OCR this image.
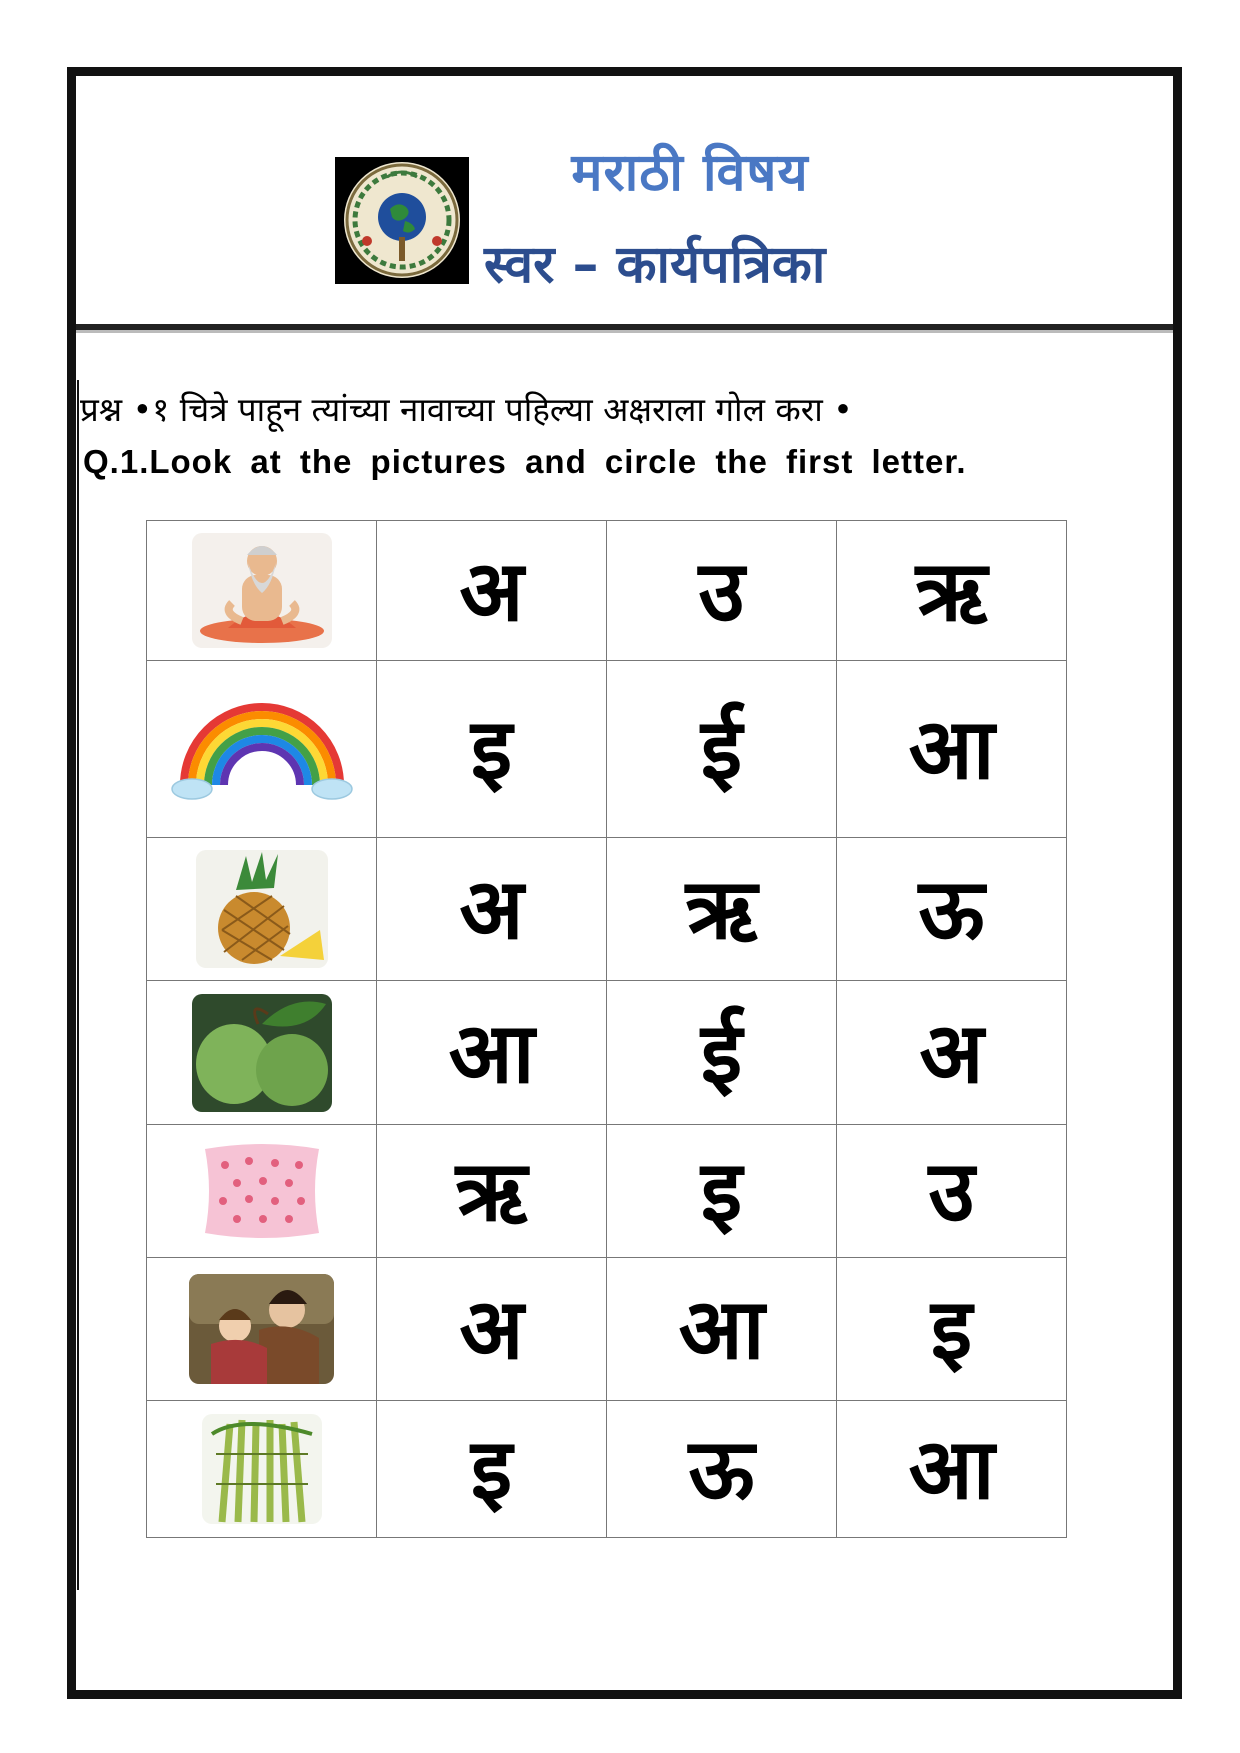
मराठी विषय
स्वर – कार्यपत्रिका
प्रश्न •१ चित्रे पाहून त्यांच्या नावाच्या पहिल्या अक्षराला गोल करा •
Q.1.Look at the pictures and circle the first letter.
	अ	उ	ऋ

	इ	ई	आ

	अ	ऋ	ऊ

	आ	ई	अ

	ऋ	इ	उ

	अ	आ	इ

	इ	ऊ	आ
